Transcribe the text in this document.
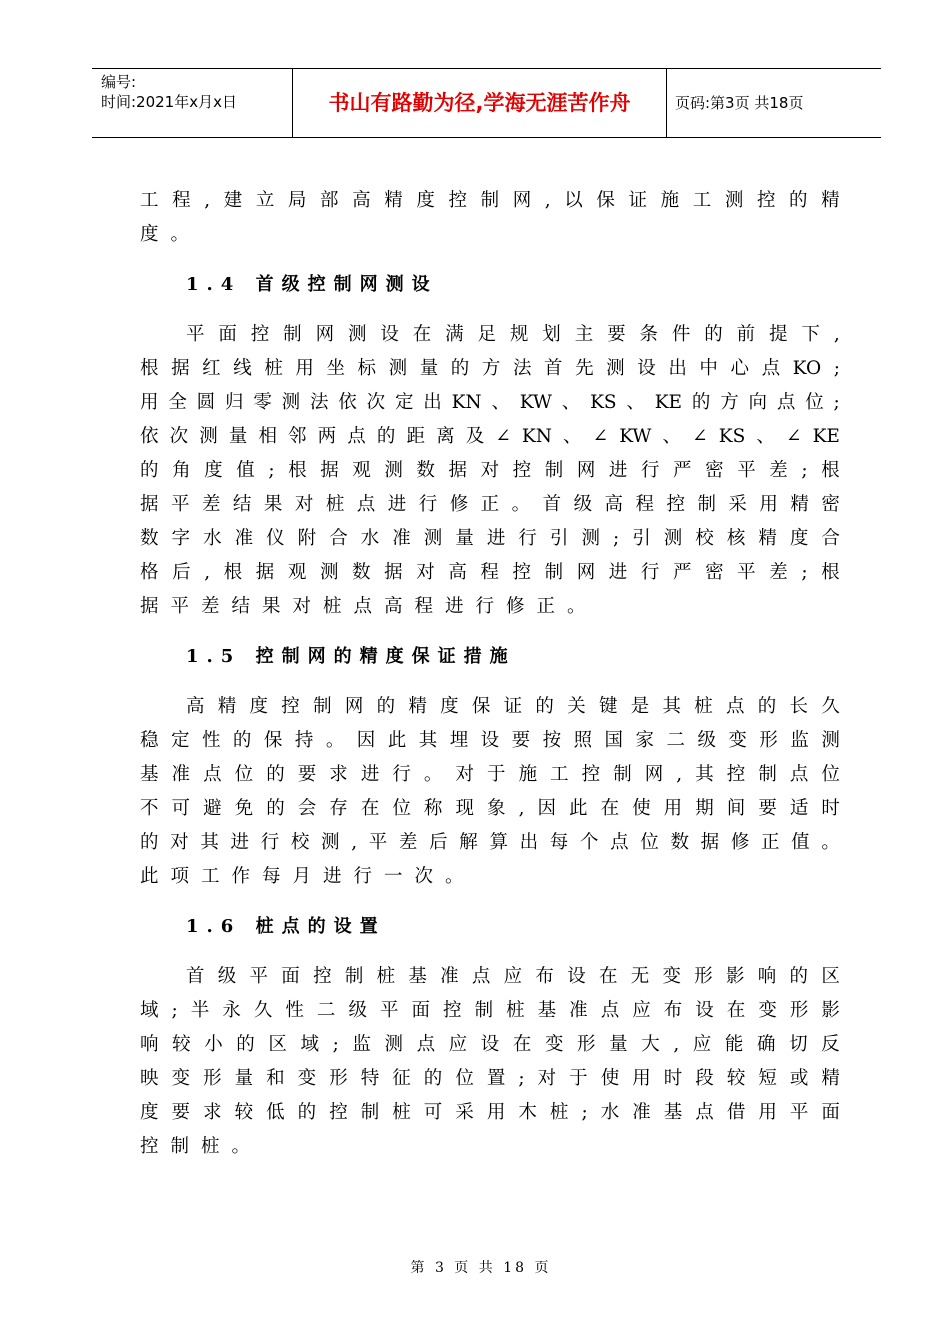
编号:
时间:2021年x月x日	书山有路勤为径,学海无涯苦作舟	页码:第3页 共18页
工 程 , 建 立 局 部 高 精 度 控 制 网 , 以 保 证 施 工 测 控 的 精
度。
1.4 首级控制网测设
平 面 控 制 网 测 设 在 满 足 规 划 主 要 条 件 的 前 提 下 ,
根 据 红 线 桩 用 坐 标 测 量 的 方 法 首 先 测 设 出 中 心 点 KO ;
用 全 圆 归 零 测 法 依 次 定 出 KN 、 KW 、 KS 、 KE 的 方 向 点 位 ;
依 次 测 量 相 邻 两 点 的 距 离 及 ∠ KN 、 ∠ KW 、 ∠ KS 、 ∠ KE
的 角 度 值 ; 根 据 观 测 数 据 对 控 制 网 进 行 严 密 平 差 ; 根
据 平 差 结 果 对 桩 点 进 行 修 正 。 首 级 高 程 控 制 采 用 精 密
数 字 水 准 仪 附 合 水 准 测 量 进 行 引 测 ; 引 测 校 核 精 度 合
格 后 , 根 据 观 测 数 据 对 高 程 控 制 网 进 行 严 密 平 差 ; 根
据平差结果对桩点高程进行修正。
1.5 控制网的精度保证措施
高 精 度 控 制 网 的 精 度 保 证 的 关 键 是 其 桩 点 的 长 久
稳 定 性 的 保 持 。 因 此 其 埋 设 要 按 照 国 家 二 级 变 形 监 测
基 准 点 位 的 要 求 进 行 。 对 于 施 工 控 制 网 , 其 控 制 点 位
不 可 避 免 的 会 存 在 位 称 现 象 , 因 此 在 使 用 期 间 要 适 时
的 对 其 进 行 校 测 , 平 差 后 解 算 出 每 个 点 位 数 据 修 正 值 。
此项工作每月进行一次。
1.6 桩点的设置
首 级 平 面 控 制 桩 基 准 点 应 布 设 在 无 变 形 影 响 的 区
域 ; 半 永 久 性 二 级 平 面 控 制 桩 基 准 点 应 布 设 在 变 形 影
响 较 小 的 区 域 ; 监 测 点 应 设 在 变 形 量 大 , 应 能 确 切 反
映 变 形 量 和 变 形 特 征 的 位 置 ; 对 于 使 用 时 段 较 短 或 精
度 要 求 较 低 的 控 制 桩 可 采 用 木 桩 ; 水 准 基 点 借 用 平 面
控制桩。
第 3 页 共 18 页
